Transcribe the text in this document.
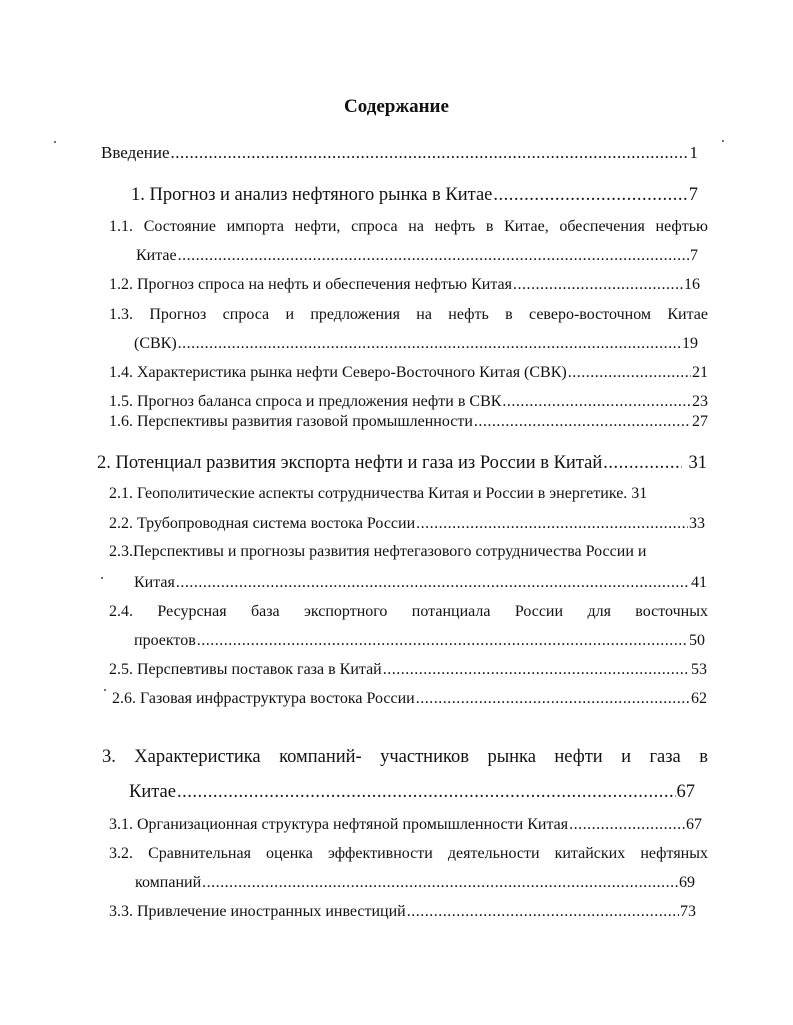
Содержание
Введение .....	1
1. Прогноз и анализ нефтяного рынка в Китае .....	7
1.1. Состояние импорта нефти, спроса на нефть в Китае, обеспечения нефтью
Китае .....	7
1.2. Прогноз спроса на нефть и обеспечения нефтью Китая .....	16
1.3. Прогноз спроса и предложения на нефть в северо-восточном Китае
(СВК) .....	19
1.4. Характеристика рынка нефти Северо-Восточного Китая (СВК) .....	21
1.5. Прогноз баланса спроса и предложения нефти в СВК .....	23
1.6. Перспективы развития газовой промышленности .....	27
2. Потенциал развития экспорта нефти и газа из России в Китай .....	31
2.1. Геополитические аспекты сотрудничества Китая и России в энергетике. 31
2.2. Трубопроводная система востока России .....	33
2.3.Перспективы и прогнозы развития нефтегазового сотрудничества России и
Китая .....	41
2.4. Ресурсная база экспортного потанциала России для восточных
проектов .....	50
2.5. Перспевтивы поставок газа в Китай .....	53
2.6. Газовая инфраструктура востока России .....	62
3. Характеристика компаний- участников рынка нефти и газа в
Китае .....	67
3.1. Организационная структура нефтяной промышленности Китая .....	67
3.2. Сравнительная оценка эффективности деятельности китайских нефтяных
компаний .....	69
3.3. Привлечение иностранных инвестиций .....	73
